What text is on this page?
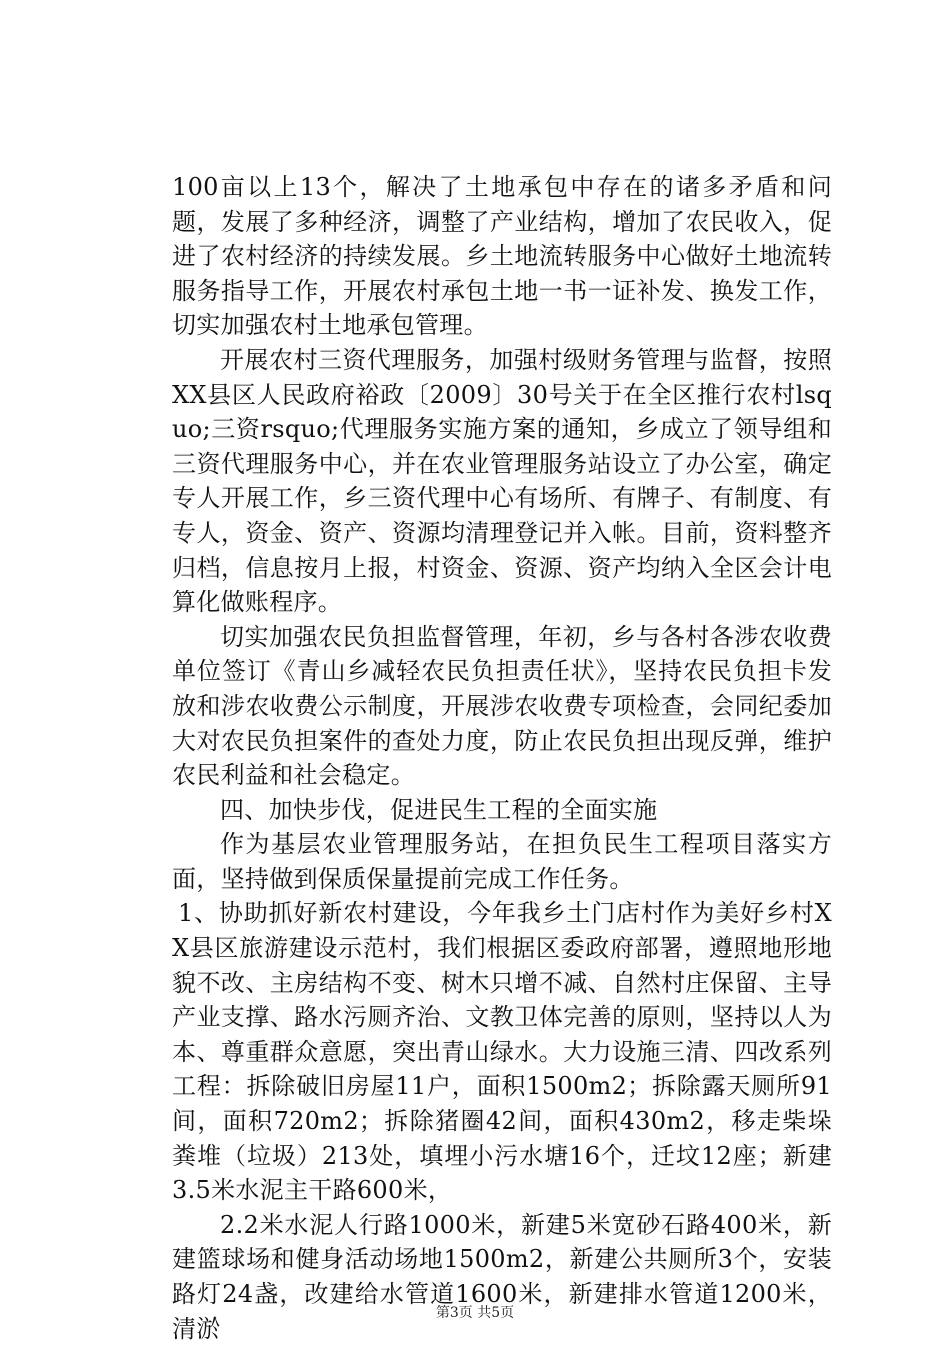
100亩以上13个，解决了土地承包中存在的诸多矛盾和问题，发展了多种经济，调整了产业结构，增加了农民收入，促进了农村经济的持续发展。乡土地流转服务中心做好土地流转服务指导工作，开展农村承包土地一书一证补发、换发工作，切实加强农村土地承包管理。

开展农村三资代理服务，加强村级财务管理与监督，按照XX县区人民政府裕政〔2009〕30号关于在全区推行农村lsquo;三资rsquo;代理服务实施方案的通知，乡成立了领导组和三资代理服务中心，并在农业管理服务站设立了办公室，确定专人开展工作，乡三资代理中心有场所、有牌子、有制度、有专人，资金、资产、资源均清理登记并入帐。目前，资料整齐归档，信息按月上报，村资金、资源、资产均纳入全区会计电算化做账程序。

切实加强农民负担监督管理，年初，乡与各村各涉农收费单位签订《青山乡减轻农民负担责任状》，坚持农民负担卡发放和涉农收费公示制度，开展涉农收费专项检查，会同纪委加大对农民负担案件的查处力度，防止农民负担出现反弹，维护农民利益和社会稳定。

四、加快步伐，促进民生工程的全面实施

作为基层农业管理服务站，在担负民生工程项目落实方面，坚持做到保质保量提前完成工作任务。

1、协助抓好新农村建设，今年我乡土门店村作为美好乡村XX县区旅游建设示范村，我们根据区委政府部署，遵照地形地貌不改、主房结构不变、树木只增不减、自然村庄保留、主导产业支撑、路水污厕齐治、文教卫体完善的原则，坚持以人为本、尊重群众意愿，突出青山绿水。大力设施三清、四改系列工程：拆除破旧房屋11户，面积1500m2；拆除露天厕所91间，面积720m2；拆除猪圈42间，面积430m2，移走柴垛粪堆（垃圾）213处，填埋小污水塘16个，迁坟12座；新建3.5米水泥主干路600米，

2.2米水泥人行路1000米，新建5米宽砂石路400米，新建篮球场和健身活动场地1500m2，新建公共厕所3个，安装路灯24盏，改建给水管道1600米，新建排水管道1200米，清淤

第3页 共5页
